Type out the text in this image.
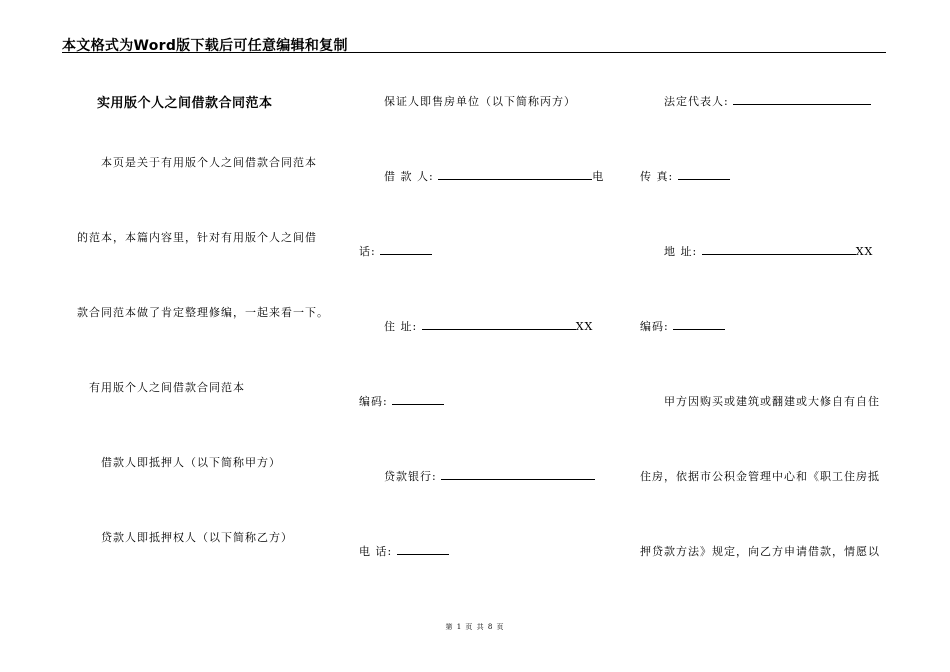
本文格式为Word版下载后可任意编辑和复制
实用版个人之间借款合同范本
本页是关于有用版个人之间借款合同范本
的范本，本篇内容里，针对有用版个人之间借
款合同范本做了肯定整理修编，一起来看一下。
有用版个人之间借款合同范本
借款人即抵押人（以下简称甲方）
贷款人即抵押权人（以下简称乙方）
保证人即售房单位（以下简称丙方）
借 款 人:	电
话:
住 址:	XX
编码:
贷款银行:
电 话:
法定代表人:
传 真:
地 址:	XX
编码:
甲方因购买或建筑或翻建或大修自有自住
住房，依据市公积金管理中心和《职工住房抵
押贷款方法》规定，向乙方申请借款，情愿以
第 1 页 共 8 页
